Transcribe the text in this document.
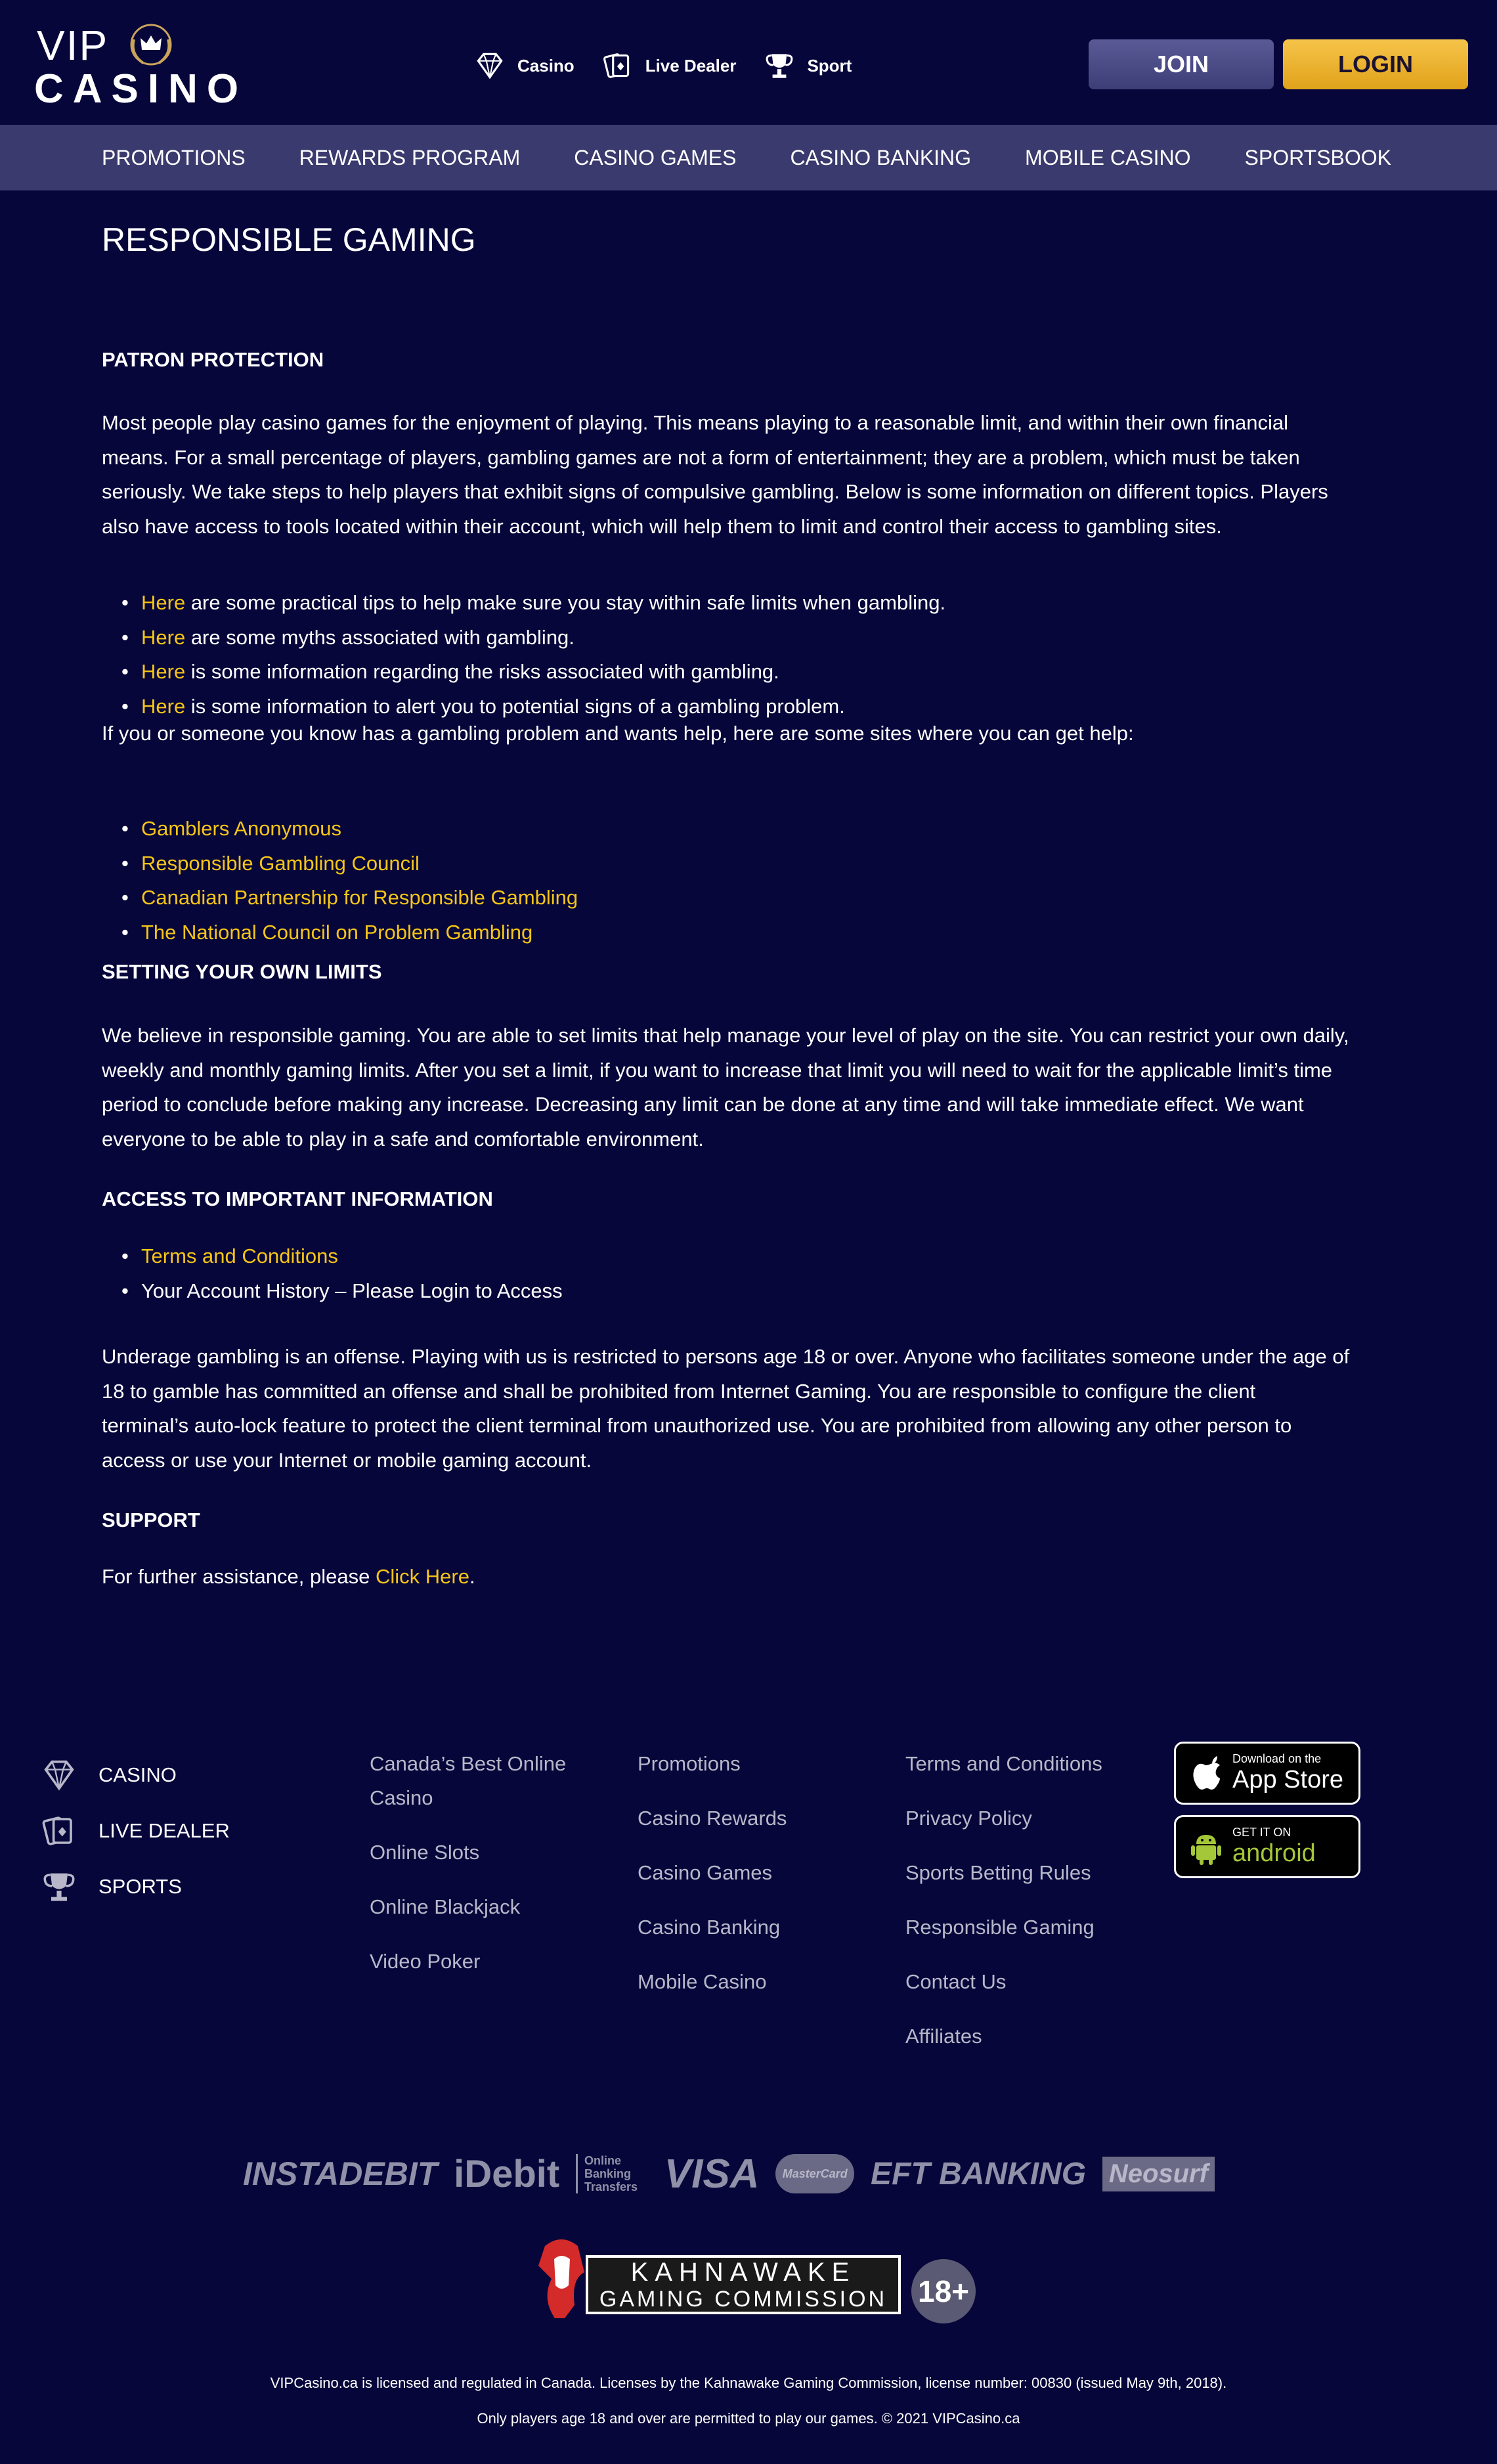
VIP
CASINO
Casino	Live Dealer	Sport	JOIN	LOGIN
PROMOTIONS	REWARDS PROGRAM	CASINO GAMES	CASINO BANKING	MOBILE CASINO	SPORTSBOOK
RESPONSIBLE GAMING
PATRON PROTECTION
Most people play casino games for the enjoyment of playing. This means playing to a reasonable limit, and within their own financial
means. For a small percentage of players, gambling games are not a form of entertainment; they are a problem, which must be taken
seriously. We take steps to help players that exhibit signs of compulsive gambling. Below is some information on different topics. Players
also have access to tools located within their account, which will help them to limit and control their access to gambling sites.
• Here are some practical tips to help make sure you stay within safe limits when gambling.
• Here are some myths associated with gambling.
• Here is some information regarding the risks associated with gambling.
• Here is some information to alert you to potential signs of a gambling problem.
If you or someone you know has a gambling problem and wants help, here are some sites where you can get help:
• Gamblers Anonymous
• Responsible Gambling Council
• Canadian Partnership for Responsible Gambling
• The National Council on Problem Gambling
SETTING YOUR OWN LIMITS
We believe in responsible gaming. You are able to set limits that help manage your level of play on the site. You can restrict your own daily,
weekly and monthly gaming limits. After you set a limit, if you want to increase that limit you will need to wait for the applicable limit’s time
period to conclude before making any increase. Decreasing any limit can be done at any time and will take immediate effect. We want
everyone to be able to play in a safe and comfortable environment.
ACCESS TO IMPORTANT INFORMATION
• Terms and Conditions
• Your Account History – Please Login to Access
Underage gambling is an offense. Playing with us is restricted to persons age 18 or over. Anyone who facilitates someone under the age of
18 to gamble has committed an offense and shall be prohibited from Internet Gaming. You are responsible to configure the client
terminal’s auto-lock feature to protect the client terminal from unauthorized use. You are prohibited from allowing any other person to
access or use your Internet or mobile gaming account.
SUPPORT
For further assistance, please Click Here.
CASINO
LIVE DEALER
SPORTS
Canada’s Best Online Casino
Online Slots
Online Blackjack
Video Poker
Promotions
Casino Rewards
Casino Games
Casino Banking
Mobile Casino
Terms and Conditions
Privacy Policy
Sports Betting Rules
Responsible Gaming
Contact Us
Affiliates
Download on the
App Store
GET IT ON
android
INSTADEBIT iDebit	Online Banking Transfers VISA	MasterCard EFT BANKING Neosurf
KAHNAWAKE
GAMING COMMISSION	18+
VIPCasino.ca is licensed and regulated in Canada. Licenses by the Kahnawake Gaming Commission, license number: 00830 (issued May 9th, 2018).
Only players age 18 and over are permitted to play our games. © 2021 VIPCasino.ca
